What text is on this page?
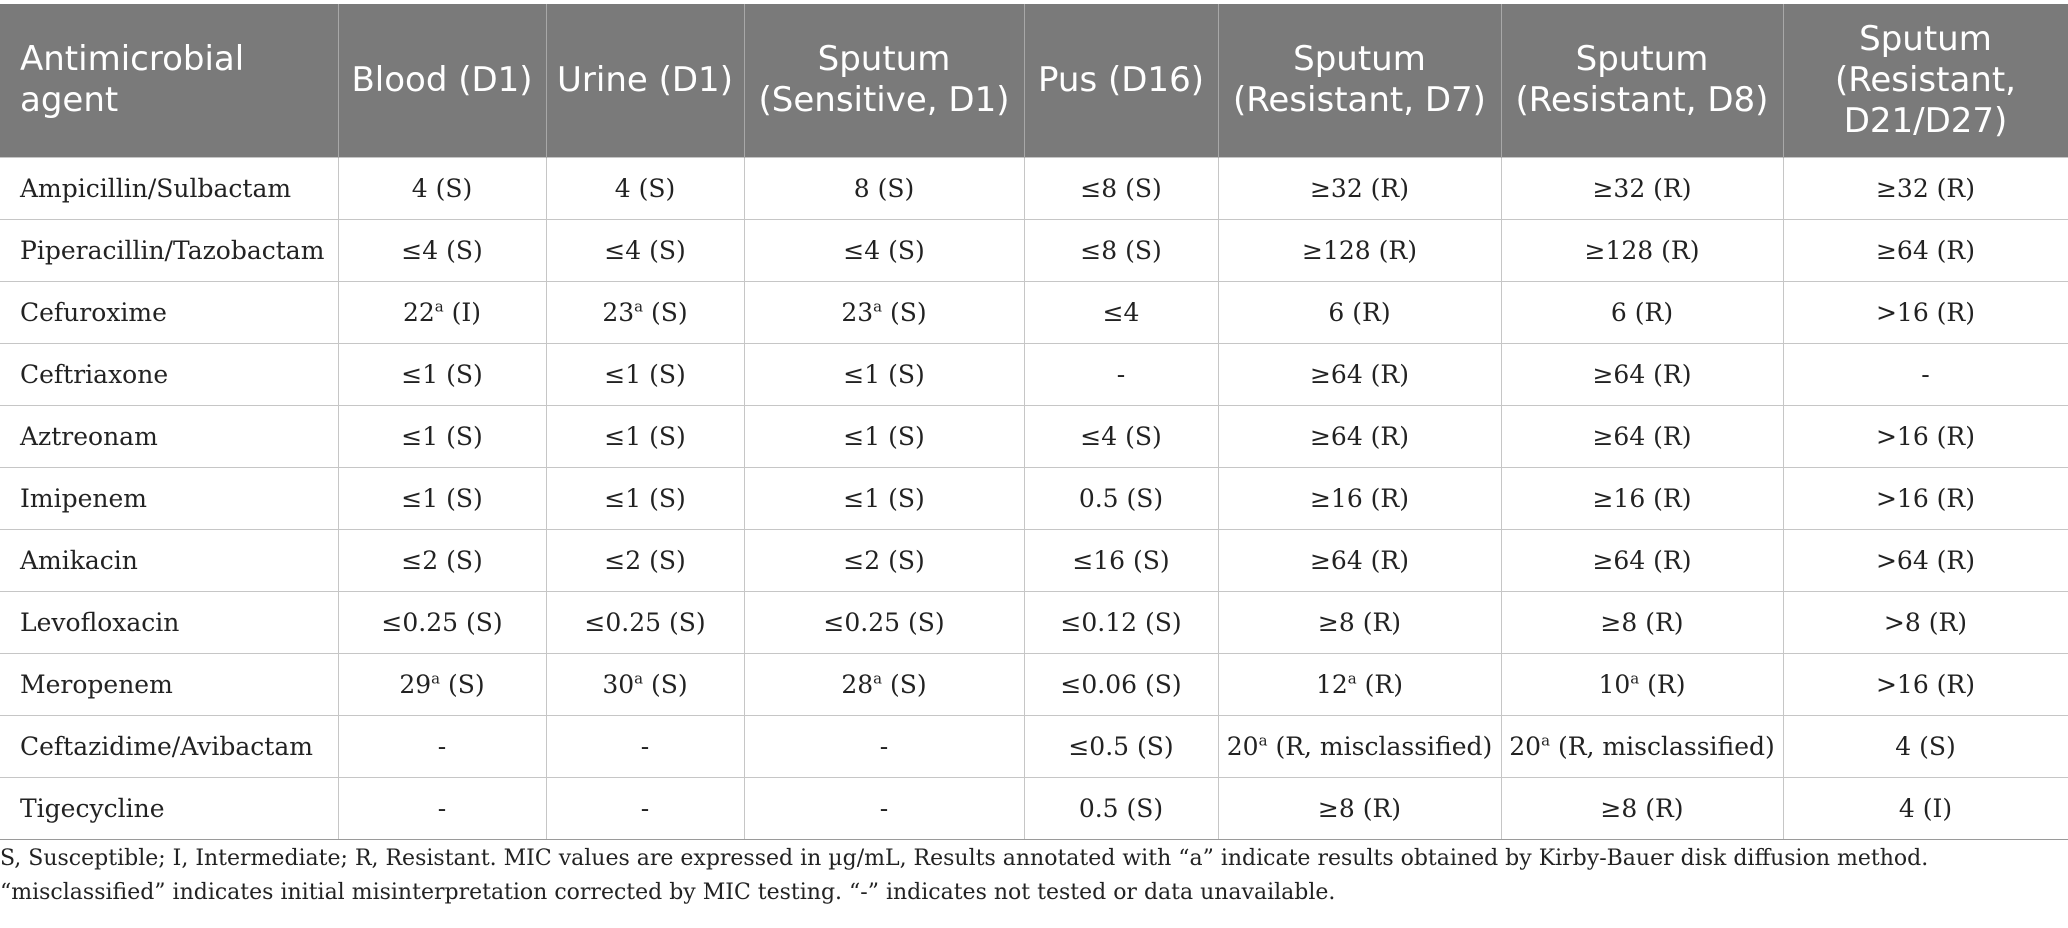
Antimicrobial agent	Blood (D1)	Urine (D1)	Sputum (Sensitive, D1)	Pus (D16)	Sputum (Resistant, D7)	Sputum (Resistant, D8)	Sputum (Resistant, D21/D27)
Ampicillin/Sulbactam	4 (S)	4 (S)	8 (S)	≤8 (S)	≥32 (R)	≥32 (R)	≥32 (R)
Piperacillin/Tazobactam	≤4 (S)	≤4 (S)	≤4 (S)	≤8 (S)	≥128 (R)	≥128 (R)	≥64 (R)
Cefuroxime	22$^a$ (I)	23$^a$ (S)	23$^a$ (S)	≤4	6 (R)	6 (R)	>16 (R)
Ceftriaxone	≤1 (S)	≤1 (S)	≤1 (S)	-	≥64 (R)	≥64 (R)	-
Aztreonam	≤1 (S)	≤1 (S)	≤1 (S)	≤4 (S)	≥64 (R)	≥64 (R)	>16 (R)
Imipenem	≤1 (S)	≤1 (S)	≤1 (S)	0.5 (S)	≥16 (R)	≥16 (R)	>16 (R)
Amikacin	≤2 (S)	≤2 (S)	≤2 (S)	≤16 (S)	≥64 (R)	≥64 (R)	>64 (R)
Levofloxacin	≤0.25 (S)	≤0.25 (S)	≤0.25 (S)	≤0.12 (S)	≥8 (R)	≥8 (R)	>8 (R)
Meropenem	29$^a$ (S)	30$^a$ (S)	28$^a$ (S)	≤0.06 (S)	12$^a$ (R)	10$^a$ (R)	>16 (R)
Ceftazidime/Avibactam	-	-	-	≤0.5 (S)	20$^a$ (R, misclassified)	20$^a$ (R, misclassified)	4 (S)
Tigecycline	-	-	-	0.5 (S)	≥8 (R)	≥8 (R)	4 (I)
S, Susceptible; I, Intermediate; R, Resistant. MIC values are expressed in µg/mL, Results annotated with “a” indicate results obtained by Kirby-Bauer disk diffusion method. “misclassified” indicates initial misinterpretation corrected by MIC testing. “-” indicates not tested or data unavailable.
